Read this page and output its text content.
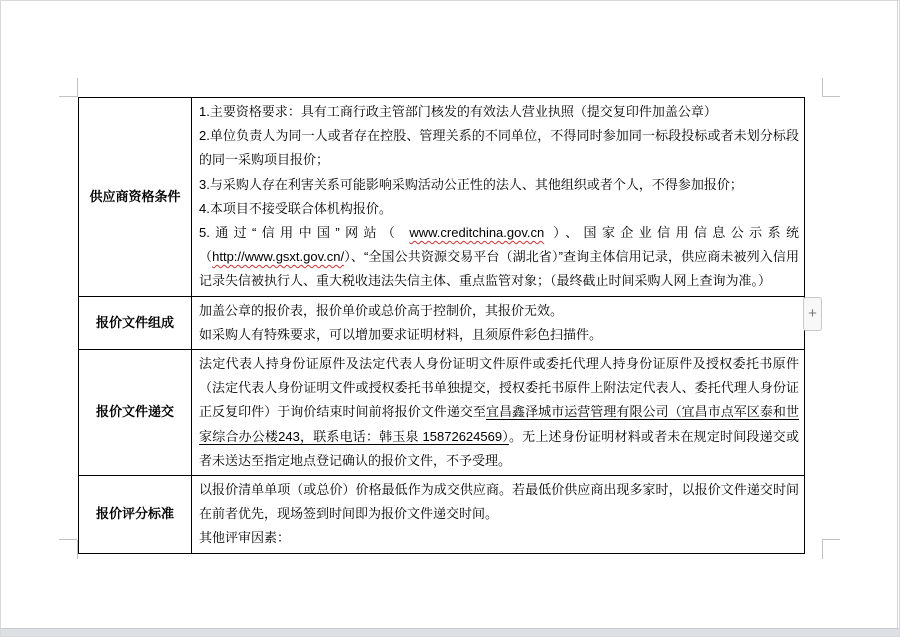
供应商资格条件	1.主要资格要求：具有工商行政主管部门核发的有效法人营业执照（提交复印件加盖公章）

2.单位负责人为同一人或者存在控股、管理关系的不同单位，不得同时参加同一标段投标或者未划分标段的同一采购项目报价；

3.与采购人存在利害关系可能影响采购活动公正性的法人、其他组织或者个人，不得参加报价；

4.本项目不接受联合体机构报价。

5.通过“信用中国”网站（ www.creditchina.gov.cn ）、国家企业信用信息公示系统（http://www.gsxt.gov.cn/）、“全国公共资源交易平台（湖北省）”查询主体信用记录，供应商未被列入信用记录失信被执行人、重大税收违法失信主体、重点监管对象；（最终截止时间采购人网上查询为准。）

报价文件组成	加盖公章的报价表，报价单价或总价高于控制价，其报价无效。

如采购人有特殊要求，可以增加要求证明材料，且须原件彩色扫描件。

报价文件递交	法定代表人持身份证原件及法定代表人身份证明文件原件或委托代理人持身份证原件及授权委托书原件（法定代表人身份证明文件或授权委托书单独提交，授权委托书原件上附法定代表人、委托代理人身份证正反复印件）于询价结束时间前将报价文件递交至宜昌鑫泽城市运营管理有限公司（宜昌市点军区泰和世家综合办公楼243，联系电话：韩玉泉 15872624569）。无上述身份证明材料或者未在规定时间段递交或者未送达至指定地点登记确认的报价文件，不予受理。

报价评分标准	以报价清单单项（或总价）价格最低作为成交供应商。若最低价供应商出现多家时，以报价文件递交时间在前者优先，现场签到时间即为报价文件递交时间。

其他评审因素：

+
